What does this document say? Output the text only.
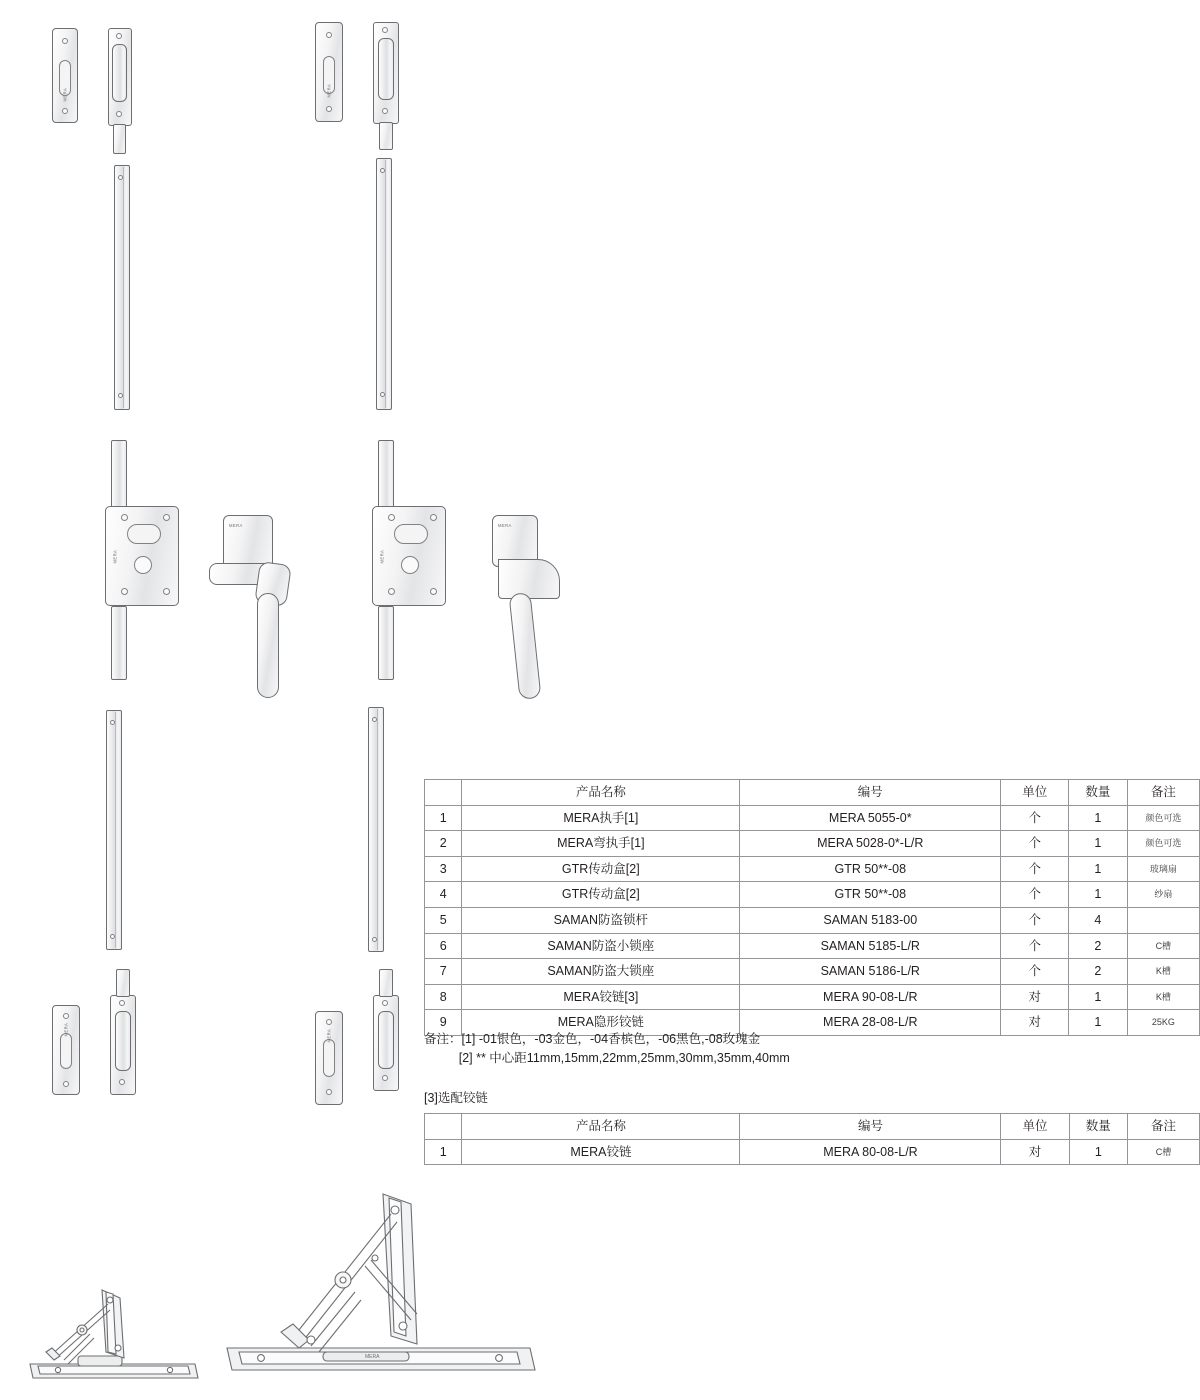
MERA	MERA
MERA
MERA
MERA
MERA
MERA	MERA
MERA
	产品名称	编号	单位	数量	备注
1	MERA执手[1]	MERA 5055-0*	个	1	颜色可选
2	MERA弯执手[1]	MERA 5028-0*-L/R	个	1	颜色可选
3	GTR传动盒[2]	GTR 50**-08	个	1	玻璃扇
4	GTR传动盒[2]	GTR 50**-08	个	1	纱扇
5	SAMAN防盗锁杆	SAMAN 5183-00	个	4	
6	SAMAN防盗小锁座	SAMAN 5185-L/R	个	2	C槽
7	SAMAN防盗大锁座	SAMAN 5186-L/R	个	2	K槽
8	MERA铰链[3]	MERA 90-08-L/R	对	1	K槽
9	MERA隐形铰链	MERA 28-08-L/R	对	1	25KG
备注：[1] -01银色，-03金色，-04香槟色，-06黑色,-08玫瑰金
[2] ** 中心距11mm,15mm,22mm,25mm,30mm,35mm,40mm
[3]选配铰链
	产品名称	编号	单位	数量	备注
1	MERA铰链	MERA 80-08-L/R	对	1	C槽
